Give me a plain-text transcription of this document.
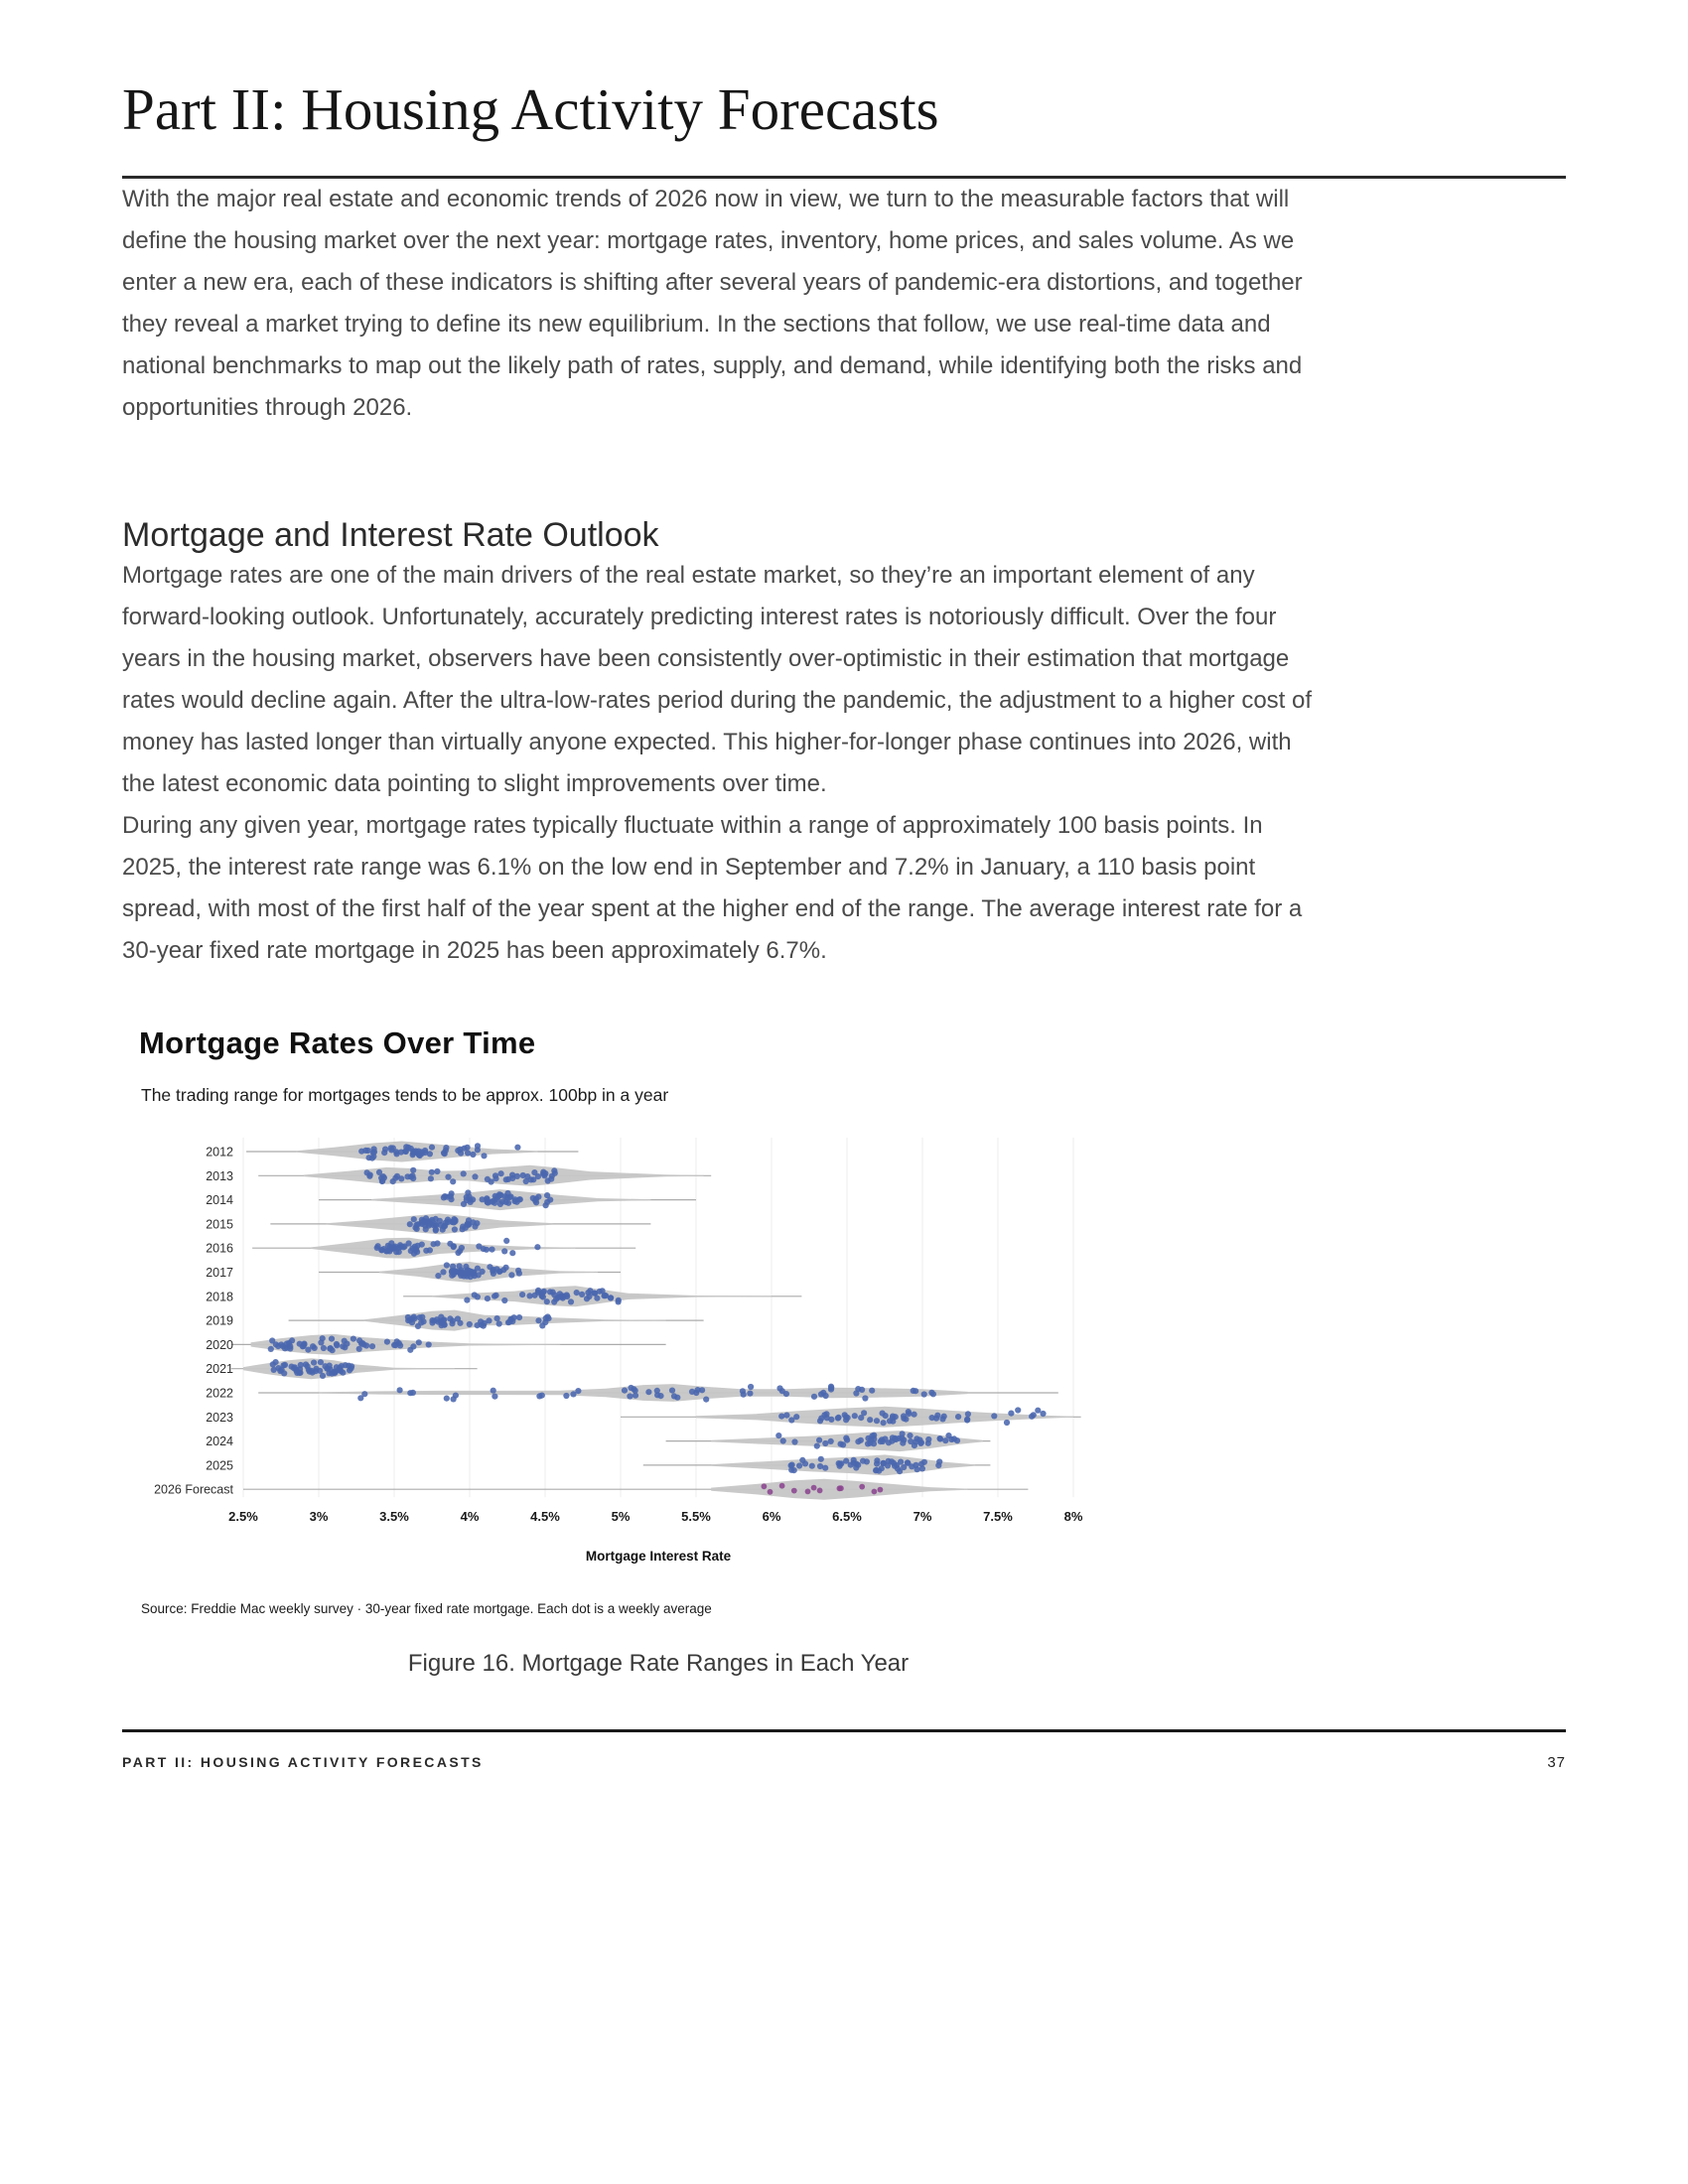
Part II: Housing Activity Forecasts

With the major real estate and economic trends of 2026 now in view, we turn to the measurable factors that will define the housing market over the next year: mortgage rates, inventory, home prices, and sales volume. As we enter a new era, each of these indicators is shifting after several years of pandemic-era distortions, and together they reveal a market trying to define its new equilibrium. In the sections that follow, we use real-time data and national benchmarks to map out the likely path of rates, supply, and demand, while identifying both the risks and opportunities through 2026.

Mortgage and Interest Rate Outlook

Mortgage rates are one of the main drivers of the real estate market, so they’re an important element of any forward-looking outlook. Unfortunately, accurately predicting interest rates is notoriously difficult. Over the four years in the housing market, observers have been consistently over-optimistic in their estimation that mortgage rates would decline again. After the ultra-low-rates period during the pandemic, the adjustment to a higher cost of money has lasted longer than virtually anyone expected. This higher-for-longer phase continues into 2026, with the latest economic data pointing to slight improvements over time.

During any given year, mortgage rates typically fluctuate within a range of approximately 100 basis points. In 2025, the interest rate range was 6.1% on the low end in September and 7.2% in January, a 110 basis point spread, with most of the first half of the year spent at the higher end of the range. The average interest rate for a 30-year fixed rate mortgage in 2025 has been approximately 6.7%.

Mortgage Rates Over Time
The trading range for mortgages tends to be approx. 100bp in a year
2.5%	3%	3.5%	4%	4.5%	5%	5.5%	6%	6.5%	7%	7.5%	8%
2012
2013
2014
2015
2016
2017
2018
2019
2020
2021
2022
2023
2024
2025
2026 Forecast
Mortgage Interest Rate
Source: Freddie Mac weekly survey · 30-year fixed rate mortgage. Each dot is a weekly average
Figure 16. Mortgage Rate Ranges in Each Year
PART II: HOUSING ACTIVITY FORECASTS	37
